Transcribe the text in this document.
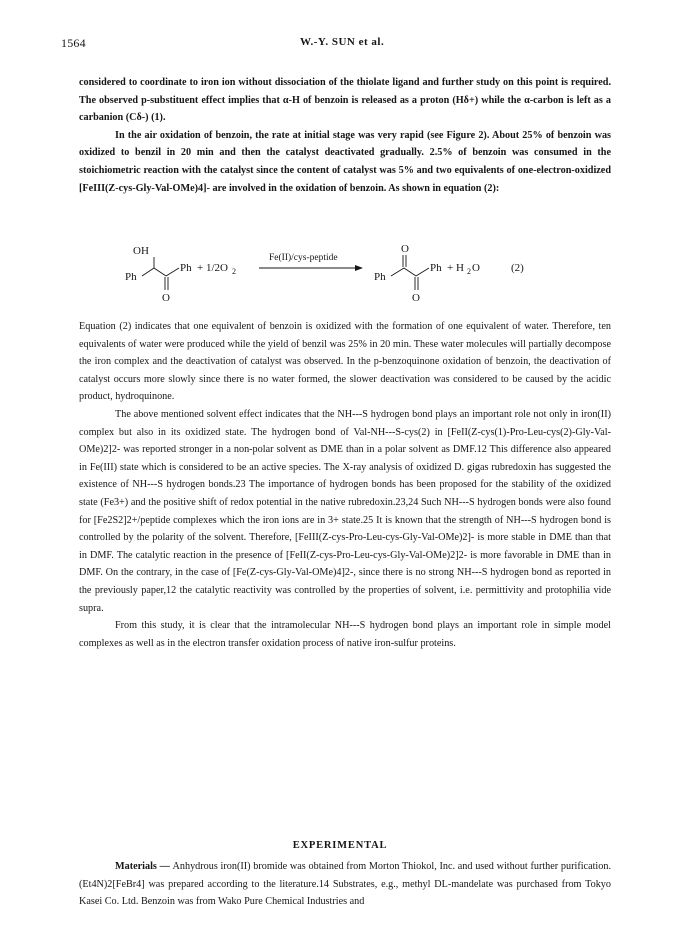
1564	W.-Y. SUN et al.

considered to coordinate to iron ion without dissociation of the thiolate ligand and further study on this point is required. The observed p-substituent effect implies that α-H of benzoin is released as a proton (Hδ+) while the α-carbon is left as a carbanion (Cδ-) (1).

In the air oxidation of benzoin, the rate at initial stage was very rapid (see Figure 2). About 25% of benzoin was oxidized to benzil in 20 min and then the catalyst deactivated gradually. 2.5% of benzoin was consumed in the stoichiometric reaction with the catalyst since the content of catalyst was 5% and two equivalents of one-electron-oxidized [FeIII(Z-cys-Gly-Val-OMe)4]- are involved in the oxidation of benzoin. As shown in equation (2):

OH
Ph
O
Ph + 1/2O 2
Fe(II)/cys-peptide
O
Ph
O
Ph + H 2 O	(2)

Equation (2) indicates that one equivalent of benzoin is oxidized with the formation of one equivalent of water. Therefore, ten equivalents of water were produced while the yield of benzil was 25% in 20 min. These water molecules will partially decompose the iron complex and the deactivation of catalyst was observed. In the p-benzoquinone oxidation of benzoin, the deactivation of catalyst occurs more slowly since there is no water formed, the slower deactivation was considered to be caused by the acidic product, hydroquinone.

The above mentioned solvent effect indicates that the NH---S hydrogen bond plays an important role not only in iron(II) complex but also in its oxidized state. The hydrogen bond of Val-NH---S-cys(2) in [FeII(Z-cys(1)-Pro-Leu-cys(2)-Gly-Val-OMe)2]2- was reported stronger in a non-polar solvent as DME than in a polar solvent as DMF.12 This difference also appeared in Fe(III) state which is considered to be an active species. The X-ray analysis of oxidized D. gigas rubredoxin has suggested the existence of NH---S hydrogen bonds.23 The importance of hydrogen bonds has been proposed for the stability of the oxidized state (Fe3+) and the positive shift of redox potential in the native rubredoxin.23,24 Such NH---S hydrogen bonds were also found for [Fe2S2]2+/peptide complexes which the iron ions are in 3+ state.25 It is known that the strength of NH---S hydrogen bond is controlled by the polarity of the solvent. Therefore, [FeIII(Z-cys-Pro-Leu-cys-Gly-Val-OMe)2]- is more stable in DME than that in DMF. The catalytic reaction in the presence of [FeII(Z-cys-Pro-Leu-cys-Gly-Val-OMe)2]2- is more favorable in DME than in DMF. On the contrary, in the case of [Fe(Z-cys-Gly-Val-OMe)4]2-, since there is no strong NH---S hydrogen bond as reported in the previously paper,12 the catalytic reactivity was controlled by the properties of solvent, i.e. permittivity and protophilia vide supra.

From this study, it is clear that the intramolecular NH---S hydrogen bond plays an important role in simple model complexes as well as in the electron transfer oxidation process of native iron-sulfur proteins.

EXPERIMENTAL

Materials — Anhydrous iron(II) bromide was obtained from Morton Thiokol, Inc. and used without further purification. (Et4N)2[FeBr4] was prepared according to the literature.14 Substrates, e.g., methyl DL-mandelate was purchased from Tokyo Kasei Co. Ltd. Benzoin was from Wako Pure Chemical Industries and
